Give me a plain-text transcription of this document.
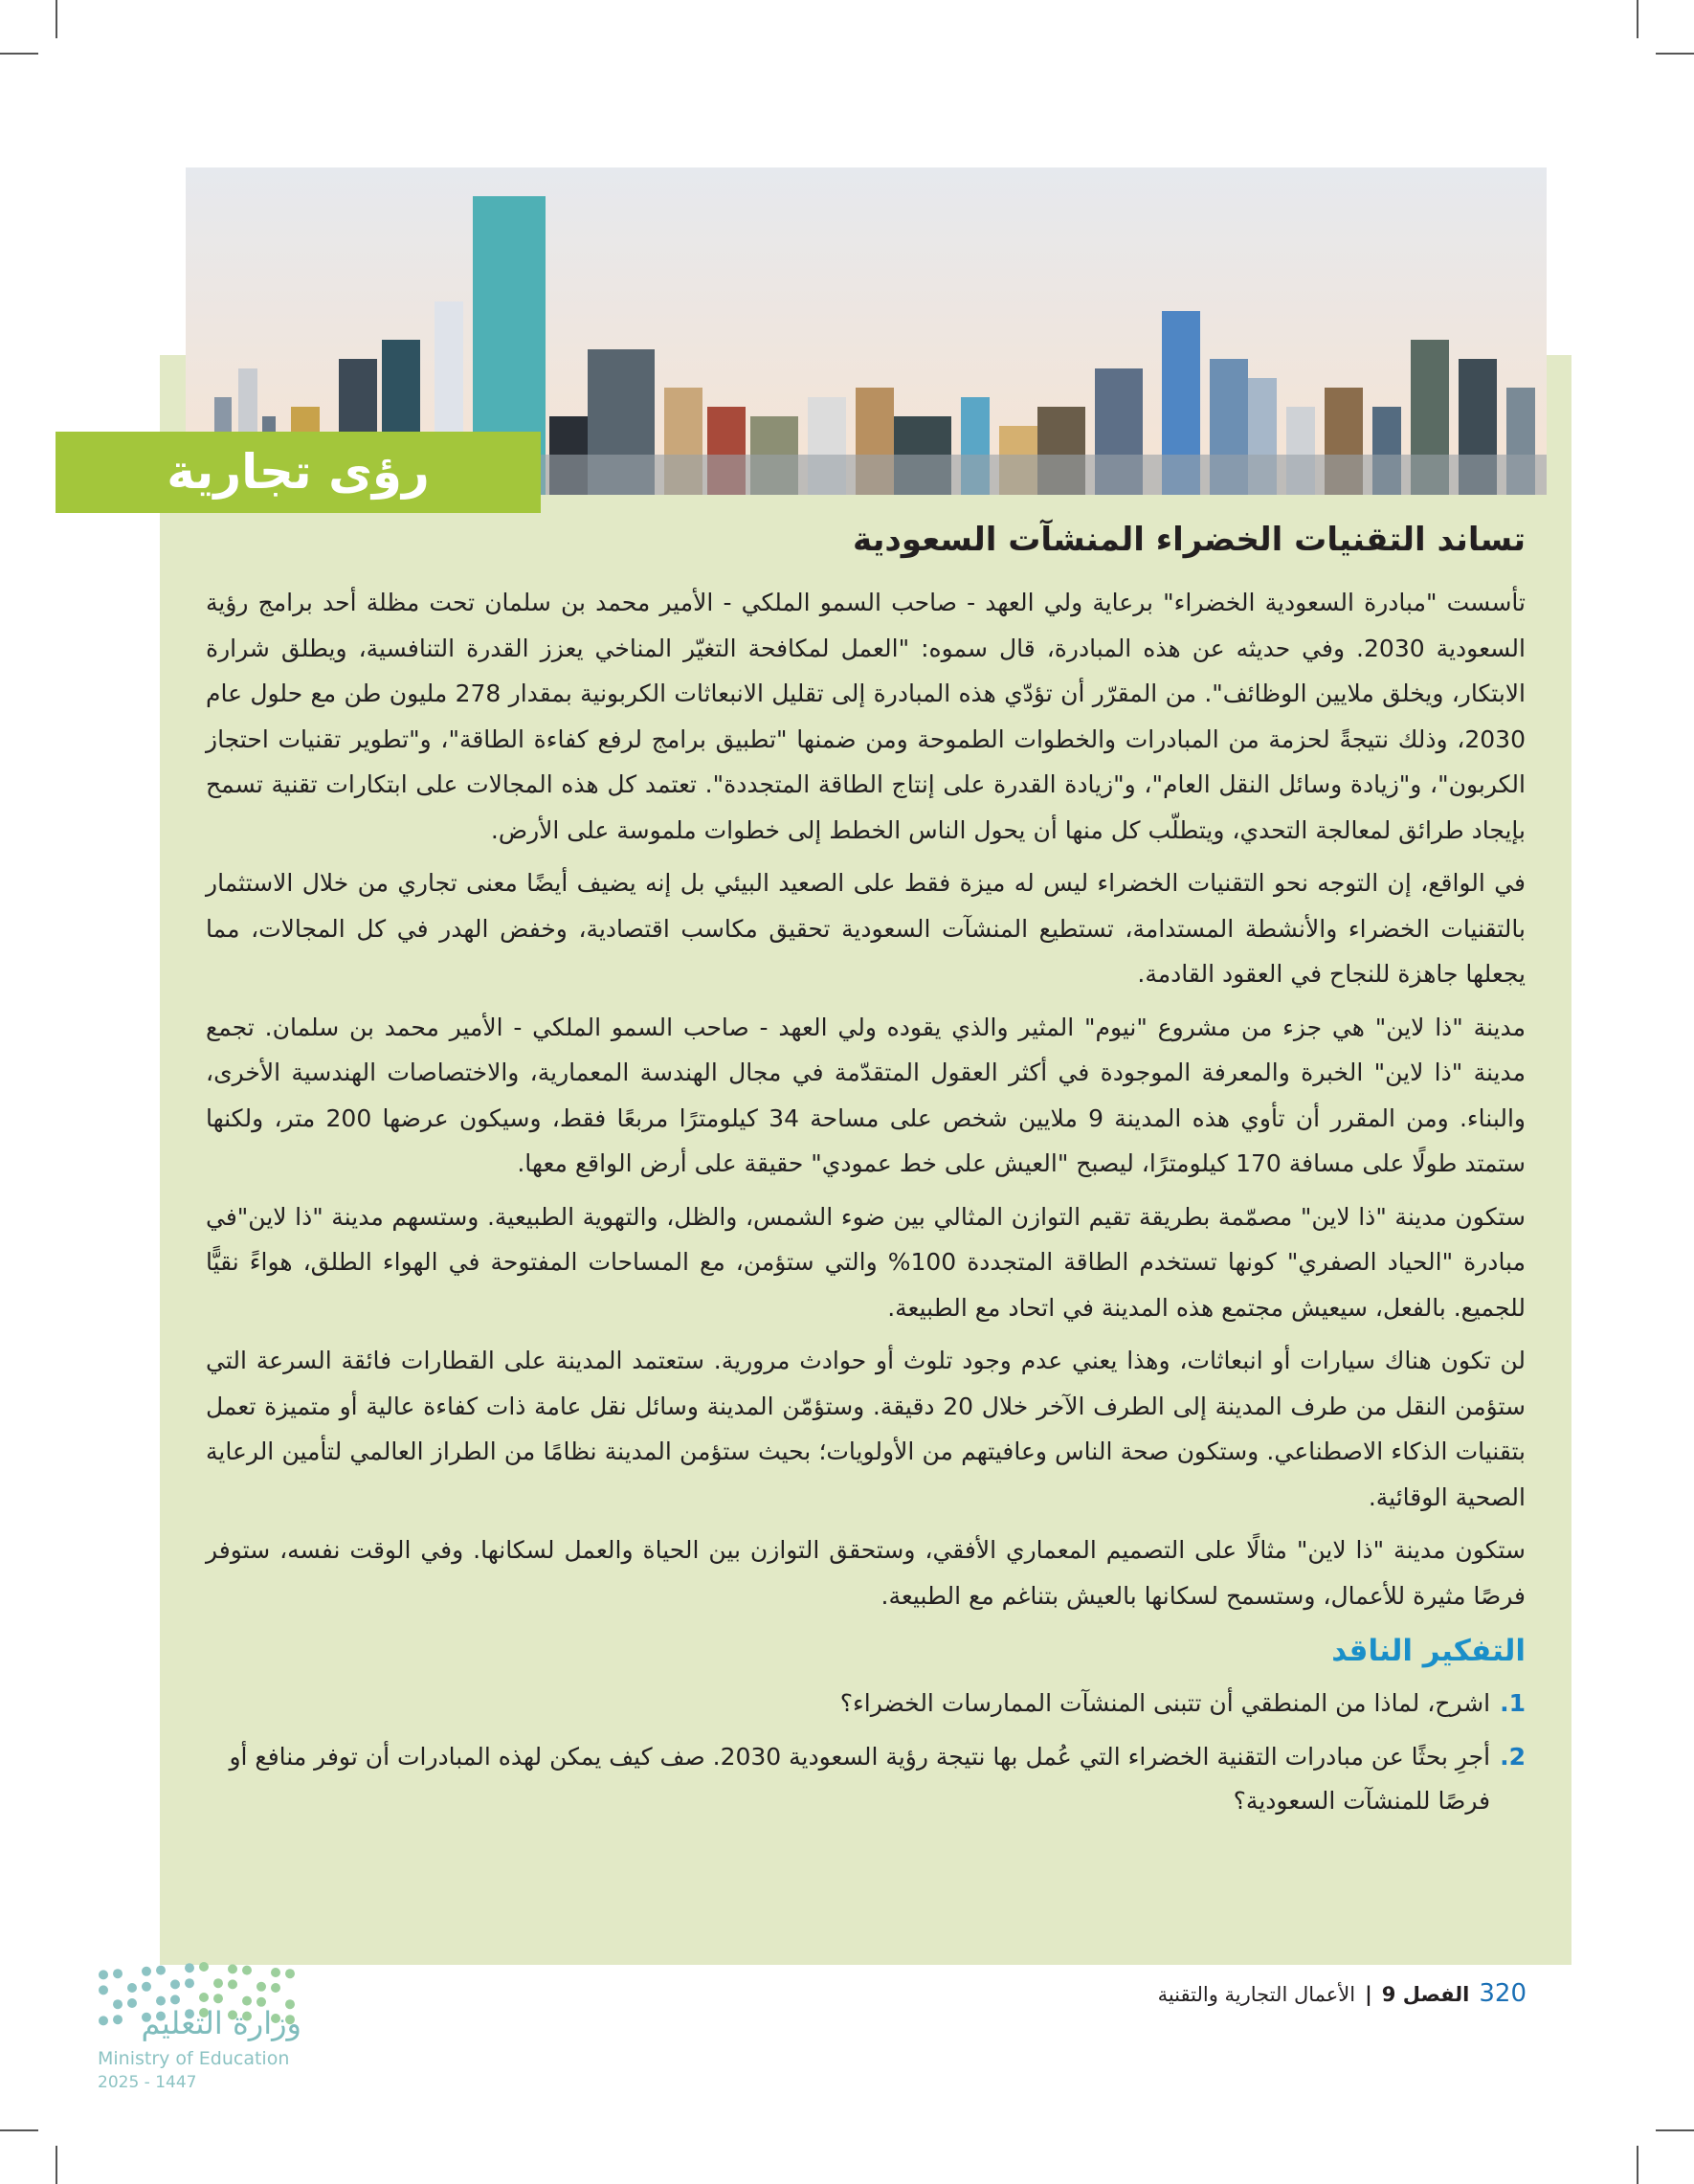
رؤى تجارية
تساند التقنيات الخضراء المنشآت السعودية

تأسست "مبادرة السعودية الخضراء" برعاية ولي العهد - صاحب السمو الملكي - الأمير محمد بن سلمان تحت مظلة أحد برامج رؤية السعودية 2030. وفي حديثه عن هذه المبادرة، قال سموه: "العمل لمكافحة التغيّر المناخي يعزز القدرة التنافسية، ويطلق شرارة الابتكار، ويخلق ملايين الوظائف". من المقرّر أن تؤدّي هذه المبادرة إلى تقليل الانبعاثات الكربونية بمقدار 278 مليون طن مع حلول عام 2030، وذلك نتيجةً لحزمة من المبادرات والخطوات الطموحة ومن ضمنها "تطبيق برامج لرفع كفاءة الطاقة"، و"تطوير تقنيات احتجاز الكربون"، و"زيادة وسائل النقل العام"، و"زيادة القدرة على إنتاج الطاقة المتجددة". تعتمد كل هذه المجالات على ابتكارات تقنية تسمح بإيجاد طرائق لمعالجة التحدي، ويتطلّب كل منها أن يحول الناس الخطط إلى خطوات ملموسة على الأرض.

في الواقع، إن التوجه نحو التقنيات الخضراء ليس له ميزة فقط على الصعيد البيئي بل إنه يضيف أيضًا معنى تجاري من خلال الاستثمار بالتقنيات الخضراء والأنشطة المستدامة، تستطيع المنشآت السعودية تحقيق مكاسب اقتصادية، وخفض الهدر في كل المجالات، مما يجعلها جاهزة للنجاح في العقود القادمة.

مدينة "ذا لاين" هي جزء من مشروع "نيوم" المثير والذي يقوده ولي العهد - صاحب السمو الملكي - الأمير محمد بن سلمان. تجمع مدينة "ذا لاين" الخبرة والمعرفة الموجودة في أكثر العقول المتقدّمة في مجال الهندسة المعمارية، والاختصاصات الهندسية الأخرى، والبناء. ومن المقرر أن تأوي هذه المدينة 9 ملايين شخص على مساحة 34 كيلومترًا مربعًا فقط، وسيكون عرضها 200 متر، ولكنها ستمتد طولًا على مسافة 170 كيلومترًا، ليصبح "العيش على خط عمودي" حقيقة على أرض الواقع معها.

ستكون مدينة "ذا لاين" مصمّمة بطريقة تقيم التوازن المثالي بين ضوء الشمس، والظل، والتهوية الطبيعية. وستسهم مدينة "ذا لاين"في مبادرة "الحياد الصفري" كونها تستخدم الطاقة المتجددة 100% والتي ستؤمن، مع المساحات المفتوحة في الهواء الطلق، هواءً نقيًّا للجميع. بالفعل، سيعيش مجتمع هذه المدينة في اتحاد مع الطبيعة.

لن تكون هناك سيارات أو انبعاثات، وهذا يعني عدم وجود تلوث أو حوادث مرورية. ستعتمد المدينة على القطارات فائقة السرعة التي ستؤمن النقل من طرف المدينة إلى الطرف الآخر خلال 20 دقيقة. وستؤمّن المدينة وسائل نقل عامة ذات كفاءة عالية أو متميزة تعمل بتقنيات الذكاء الاصطناعي. وستكون صحة الناس وعافيتهم من الأولويات؛ بحيث ستؤمن المدينة نظامًا من الطراز العالمي لتأمين الرعاية الصحية الوقائية.

ستكون مدينة "ذا لاين" مثالًا على التصميم المعماري الأفقي، وستحقق التوازن بين الحياة والعمل لسكانها. وفي الوقت نفسه، ستوفر فرصًا مثيرة للأعمال، وستسمح لسكانها بالعيش بتناغم مع الطبيعة.

التفكير الناقد
1.
اشرح، لماذا من المنطقي أن تتبنى المنشآت الممارسات الخضراء؟
2.
أجرِ بحثًا عن مبادرات التقنية الخضراء التي عُمل بها نتيجة رؤية السعودية 2030. صف كيف يمكن لهذه المبادرات أن توفر منافع أو فرصًا للمنشآت السعودية؟
320
الفصل 9
|
الأعمال التجارية والتقنية
وزارة التعليم
Ministry of Education
2025 - 1447
